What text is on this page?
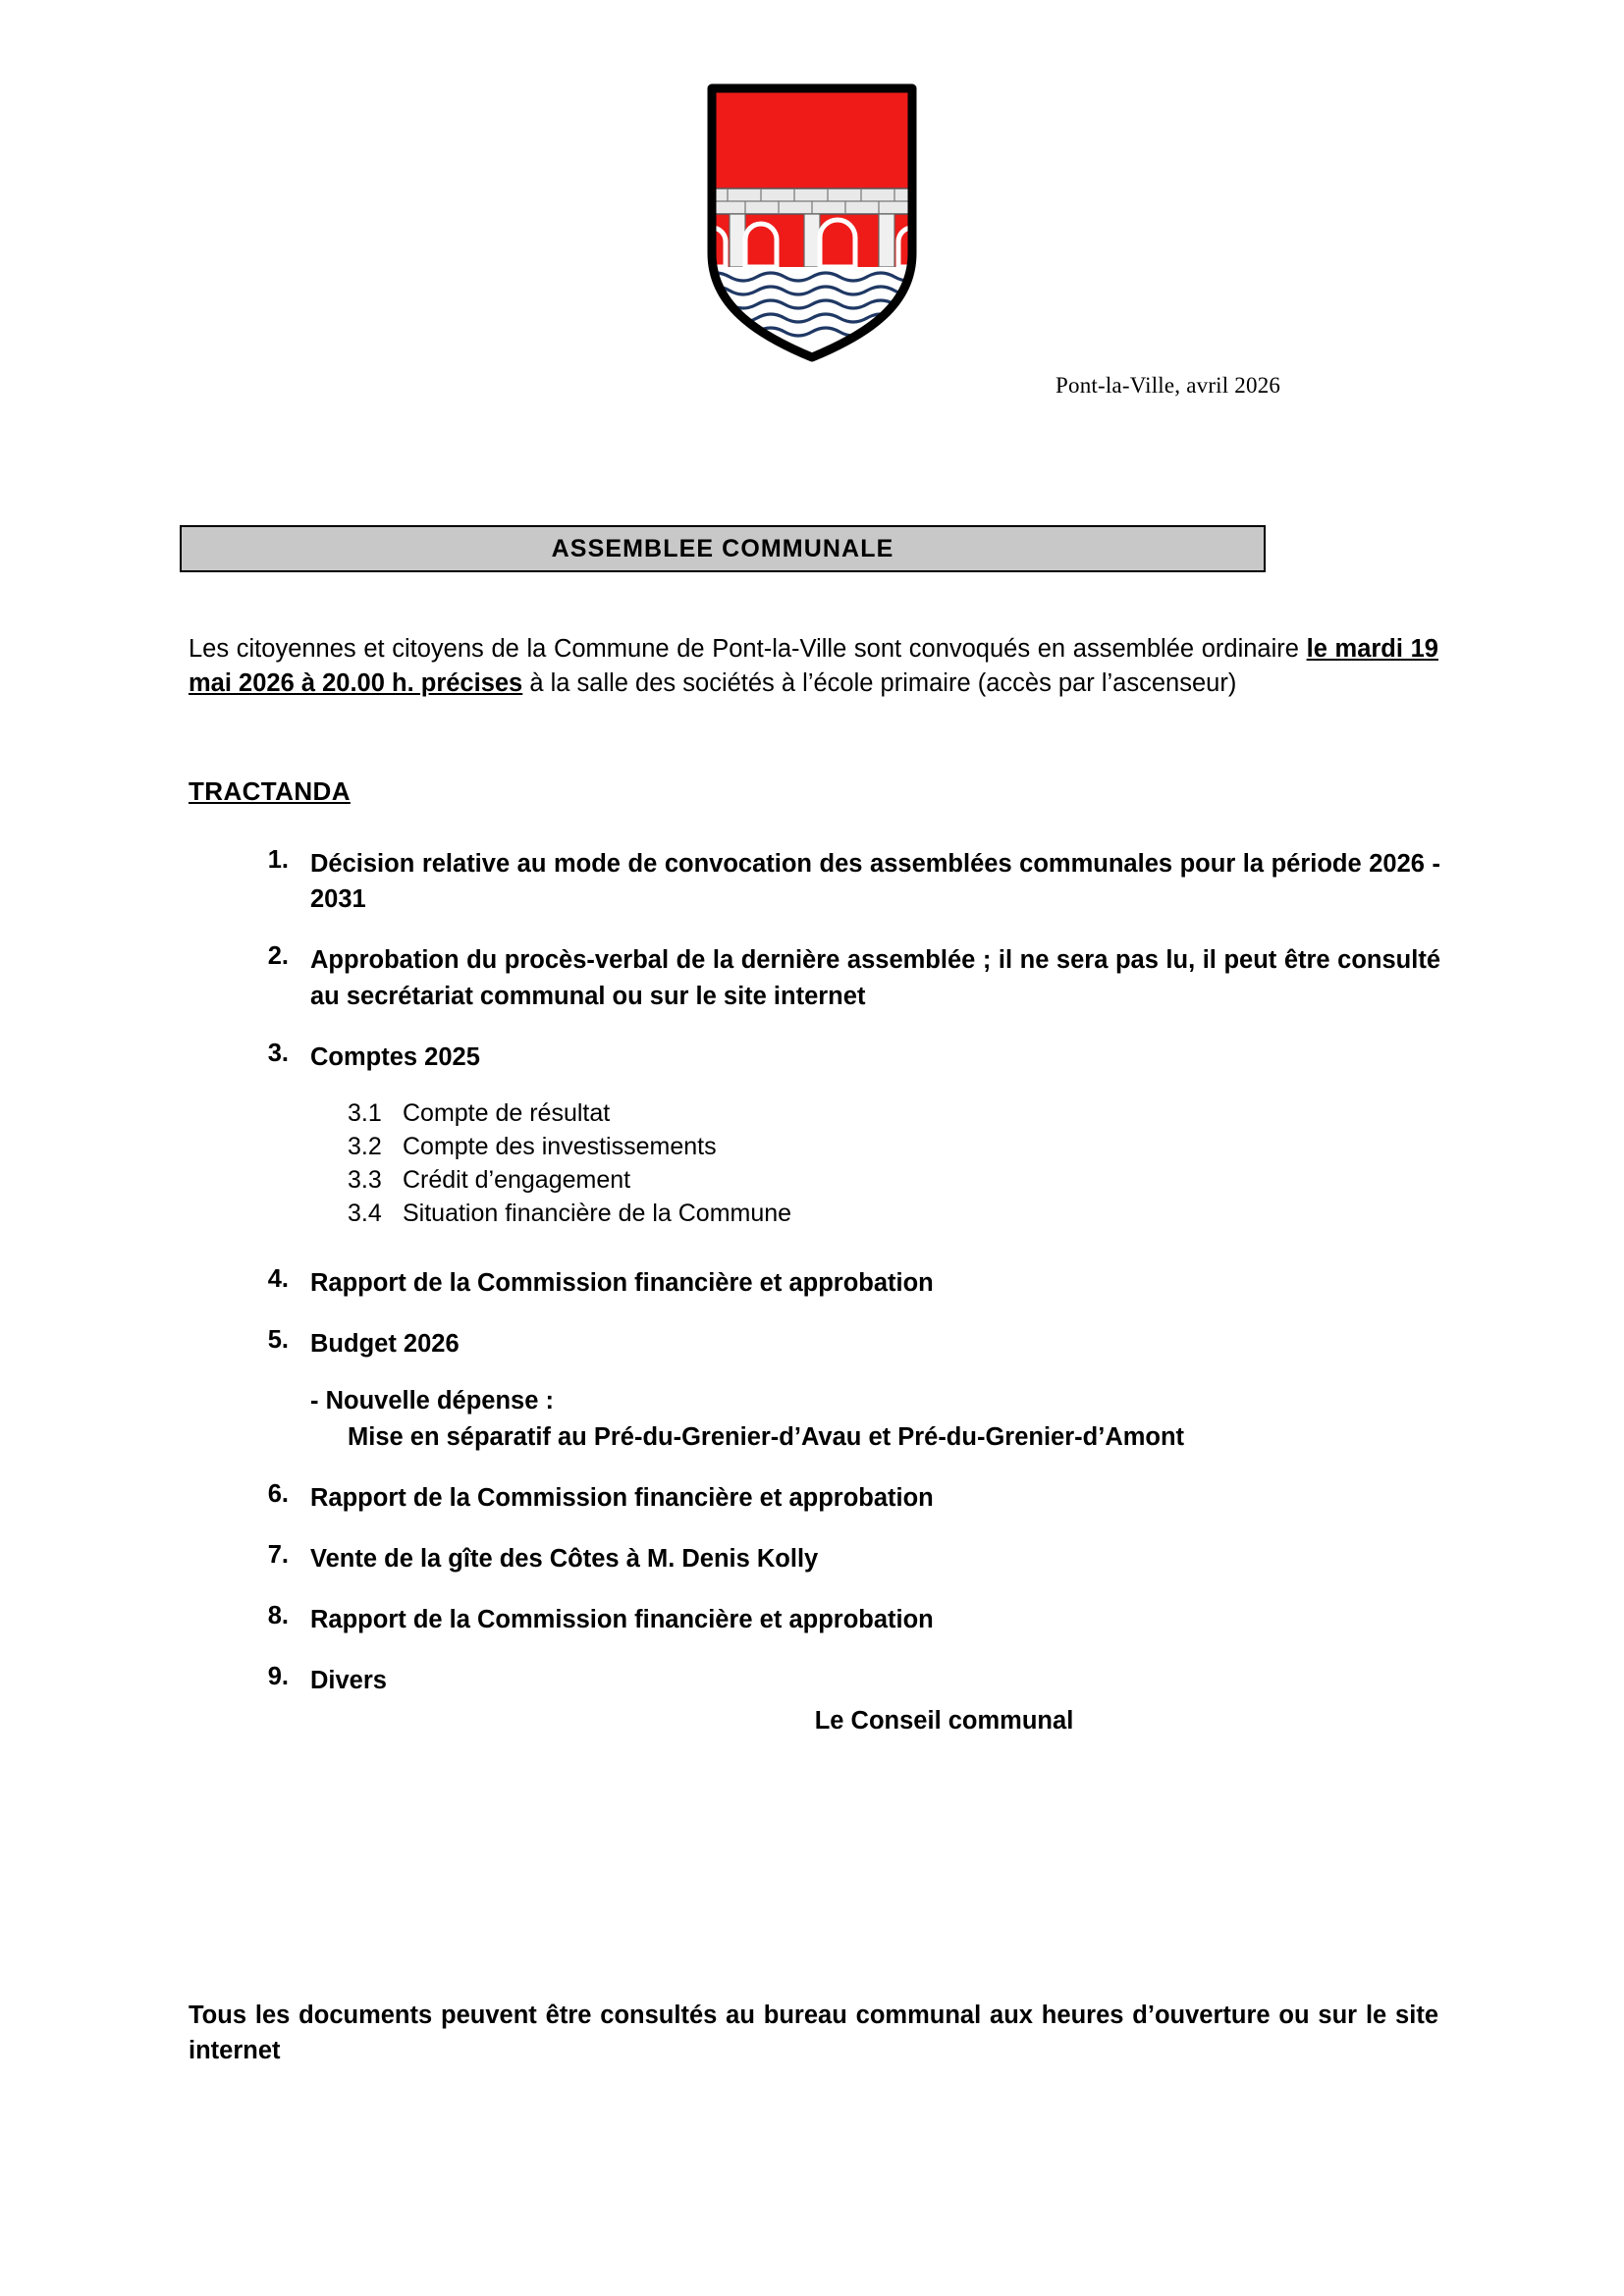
Pont-la-Ville, avril 2026
ASSEMBLEE COMMUNALE
Les citoyennes et citoyens de la Commune de Pont-la-Ville sont convoqués en assemblée ordinaire le mardi 19 mai 2026 à 20.00 h. précises à la salle des sociétés à l’école primaire (accès par l’ascenseur)
TRACTANDA
1. Décision relative au mode de convocation des assemblées communales pour la période 2026 - 2031
2. Approbation du procès-verbal de la dernière assemblée ; il ne sera pas lu, il peut être consulté au secrétariat communal ou sur le site internet
3. Comptes 2025
3.1 Compte de résultat
3.2 Compte des investissements
3.3 Crédit d’engagement
3.4 Situation financière de la Commune
4. Rapport de la Commission financière et approbation
5. Budget 2026
- Nouvelle dépense :
Mise en séparatif au Pré-du-Grenier-d’Avau et Pré-du-Grenier-d’Amont
6. Rapport de la Commission financière et approbation
7. Vente de la gîte des Côtes à M. Denis Kolly
8. Rapport de la Commission financière et approbation
9. Divers
Le Conseil communal
Tous les documents peuvent être consultés au bureau communal aux heures d’ouverture ou sur le site internet
